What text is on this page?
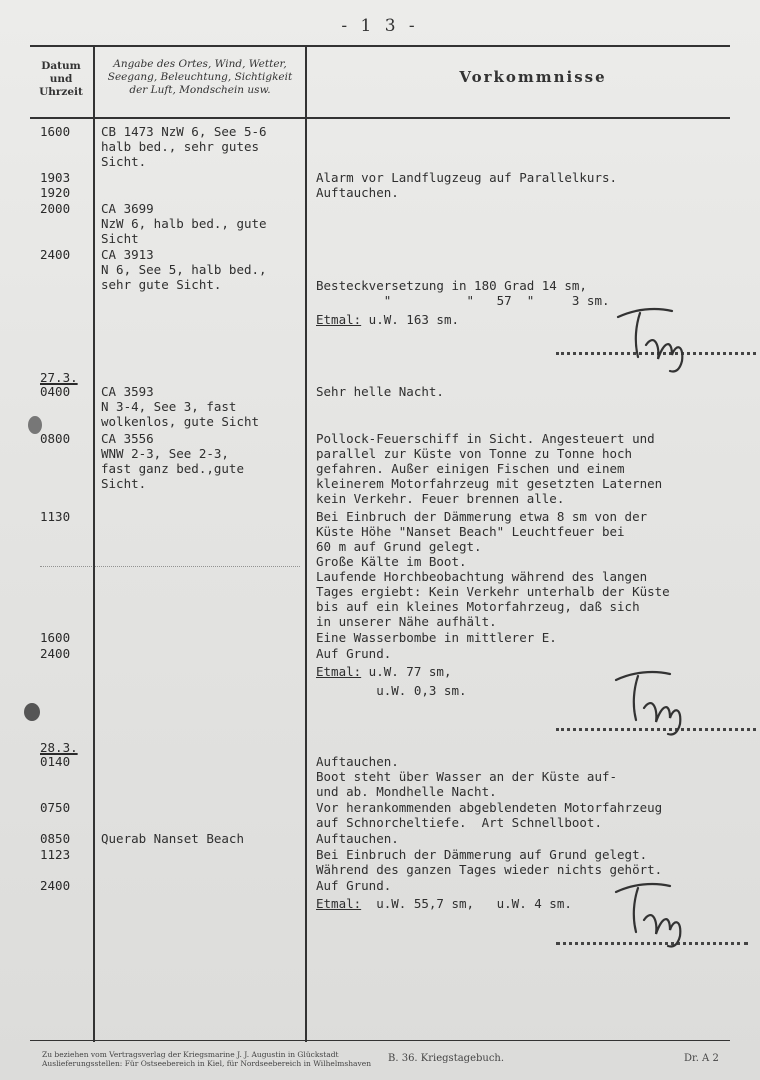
- 1 3 -
Datum
und
Uhrzeit
Angabe des Ortes, Wind, Wetter,
Seegang, Beleuchtung, Sichtigkeit
der Luft, Mondschein usw.
Vorkommnisse
1600
1903
1920
2000
2400
27.3.
0400
0800
1130
1600
2400
28.3.
0140
0750
0850
1123
2400
CB 1473 NzW 6, See 5-6
halb bed., sehr gutes
Sicht.
CA 3699
NzW 6, halb bed., gute
Sicht
CA 3913
N 6, See 5, halb bed.,
sehr gute Sicht.
CA 3593
N 3-4, See 3, fast
wolkenlos, gute Sicht
CA 3556
WNW 2-3, See 2-3,
fast ganz bed.,gute
Sicht.
Querab Nanset Beach
Alarm vor Landflugzeug auf Parallelkurs.
Auftauchen.
Besteckversetzung in 180 Grad 14 sm,
"          "   57  "     3 sm.
Etmal: u.W. 163 sm.
Sehr helle Nacht.
Pollock-Feuerschiff in Sicht. Angesteuert und
parallel zur Küste von Tonne zu Tonne hoch
gefahren. Außer einigen Fischen und einem
kleinerem Motorfahrzeug mit gesetzten Laternen
kein Verkehr. Feuer brennen alle.
Bei Einbruch der Dämmerung etwa 8 sm von der
Küste Höhe "Nanset Beach" Leuchtfeuer bei
60 m auf Grund gelegt.
Große Kälte im Boot.
Laufende Horchbeobachtung während des langen
Tages ergiebt: Kein Verkehr unterhalb der Küste
bis auf ein kleines Motorfahrzeug, daß sich
in unserer Nähe aufhält.
Eine Wasserbombe in mittlerer E.
Auf Grund.
Etmal: u.W. 77 sm,
u.W. 0,3 sm.
Auftauchen.
Boot steht über Wasser an der Küste auf-
und ab. Mondhelle Nacht.
Vor herankommenden abgeblendeten Motorfahrzeug
auf Schnorcheltiefe.  Art Schnellboot.
Auftauchen.
Bei Einbruch der Dämmerung auf Grund gelegt.
Während des ganzen Tages wieder nichts gehört.
Auf Grund.
Etmal:  u.W. 55,7 sm,   u.W. 4 sm.
Zu beziehen vom Vertragsverlag der Kriegsmarine J. J. Augustin in Glückstadt
Auslieferungsstellen: Für Ostseebereich in Kiel, für Nordseebereich in Wilhelmshaven B. 36. Kriegstagebuch.	Dr. A 2
